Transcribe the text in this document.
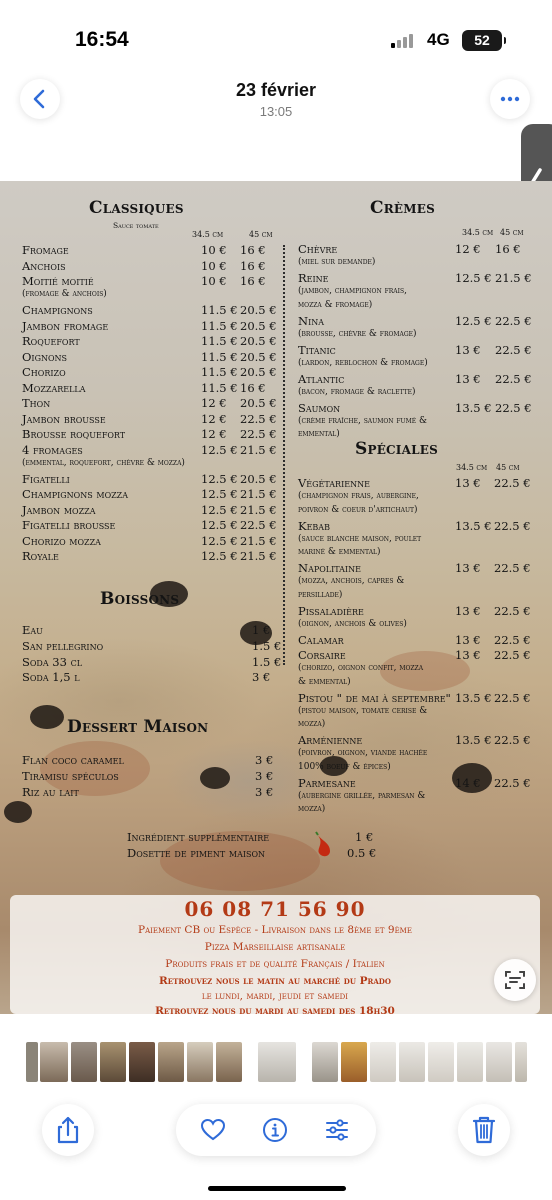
16:54	4G	52
23 février
13:05
Classiques
Sauce tomate
34.5 cm	45 cm
Fromage	10 € 16 €
Anchois	10 € 16 €
Moitié moitié	10 € 16 €
(fromage & anchois)
Champignons	11.5 € 20.5 €
Jambon fromage	11.5 € 20.5 €
Roquefort	11.5 € 20.5 €
Oignons	11.5 € 20.5 €
Chorizo	11.5 € 20.5 €
Mozzarella	11.5 € 16 €
Thon	12 € 20.5 €
Jambon brousse	12 € 22.5 €
Brousse roquefort	12 € 22.5 €
4 fromages	12.5 € 21.5 €
(emmental, roquefort, chèvre & mozza)
Figatelli	12.5 € 20.5 €
Champignons mozza	12.5 € 21.5 €
Jambon mozza	12.5 € 21.5 €
Figatelli brousse	12.5 € 22.5 €
Chorizo mozza	12.5 € 21.5 €
Royale	12.5 € 21.5 €
Crèmes
34.5 cm 45 cm
Chèvre	12 € 16 €
(miel sur demande)
Reine	12.5 € 21.5 €
(jambon, champignon frais,
mozza & fromage)
Nina	12.5 € 22.5 €
(brousse, chèvre & fromage)
Titanic	13 € 22.5 €
(lardon, reblochon & fromage)
Atlantic	13 € 22.5 €
(bacon, fromage & raclette)
Saumon	13.5 € 22.5 €
(crème fraîche, saumon fumé &
emmental)
Spéciales
34.5 cm 45 cm
Végétarienne	13 € 22.5 €
(champignon frais, aubergine,
poivron & coeur d'artichaut)
Kebab	13.5 € 22.5 €
(sauce blanche maison, poulet
mariné & emmental)
Napolitaine	13 € 22.5 €
(mozza, anchois, capres &
persillade)
Pissaladière	13 € 22.5 €
(oignon, anchois & olives)
Calamar	13 € 22.5 €
Corsaire	13 € 22.5 €
(chorizo, oignon confit, mozza
& emmental)
Pistou " de mai à septembre" 13.5 € 22.5 €
(pistou maison, tomate cerise &
mozza)
Arménienne	13.5 € 22.5 €
(poivron, oignon, viande hachée
100% boeuf & épices)
Parmesane	14 € 22.5 €
(aubergine grillée, parmesan &
mozza)
Boissons
Eau	1 €
San pellegrino	1.5 €
Soda 33 cl	1.5 €
Soda 1,5 l	3 €
Dessert Maison
Flan coco caramel	3 €
Tiramisu spéculos	3 €
Riz au lait	3 €
Ingrédient supplémentaire	1 €
Dosette de piment maison	0.5 €
06 08 71 56 90
Paiement CB ou Espèce - Livraison dans le 8ème et 9ème
Pizza Marseillaise artisanale
Produits frais et de qualité Français / Italien
Retrouvez nous le matin au marché du Prado
le lundi, mardi, jeudi et samedi
Retrouvez nous du mardi au samedi des 18h30
